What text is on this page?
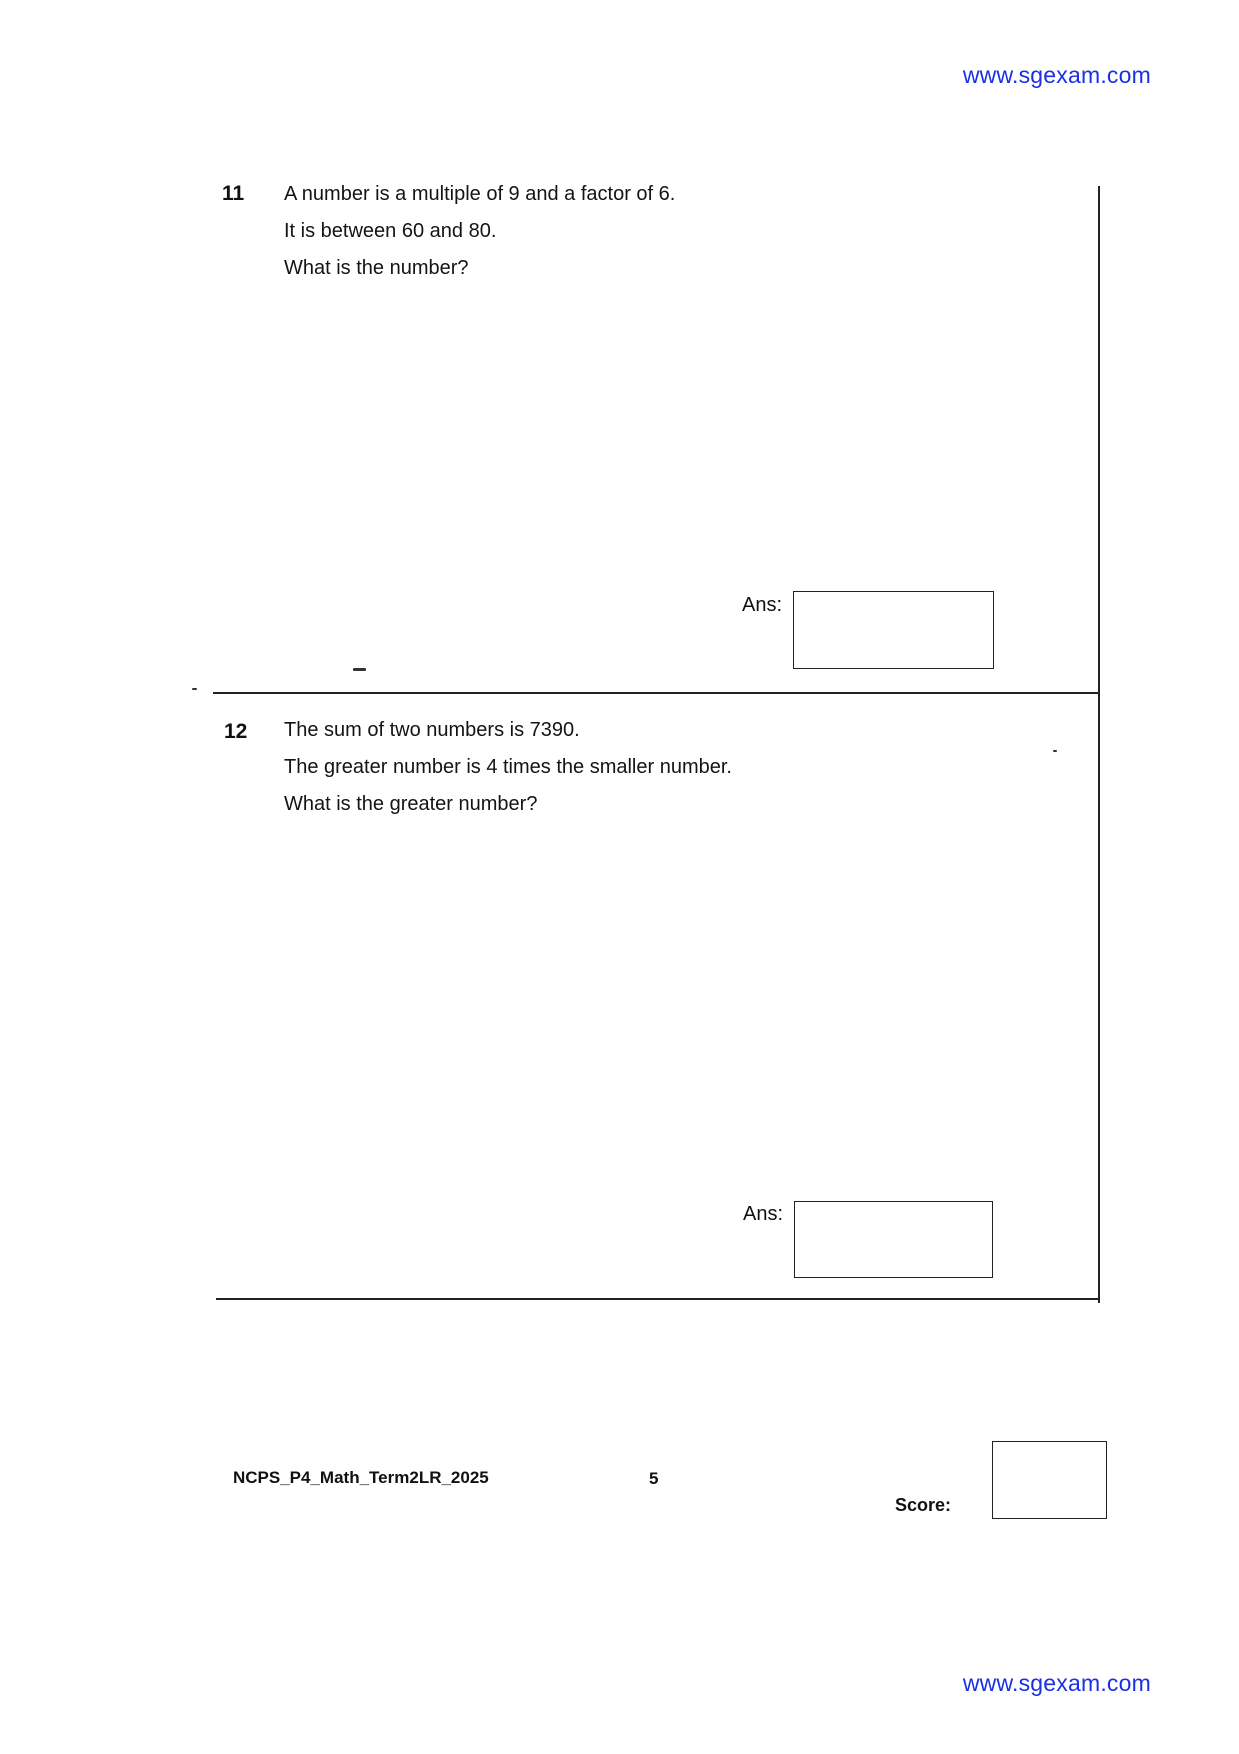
www.sgexam.com
11 A number is a multiple of 9 and a factor of 6.
It is between 60 and 80.
What is the number?
Ans:
12 The sum of two numbers is 7390.
The greater number is 4 times the smaller number.
What is the greater number?
Ans:
NCPS_P4_Math_Term2LR_2025	5
Score:
www.sgexam.com
